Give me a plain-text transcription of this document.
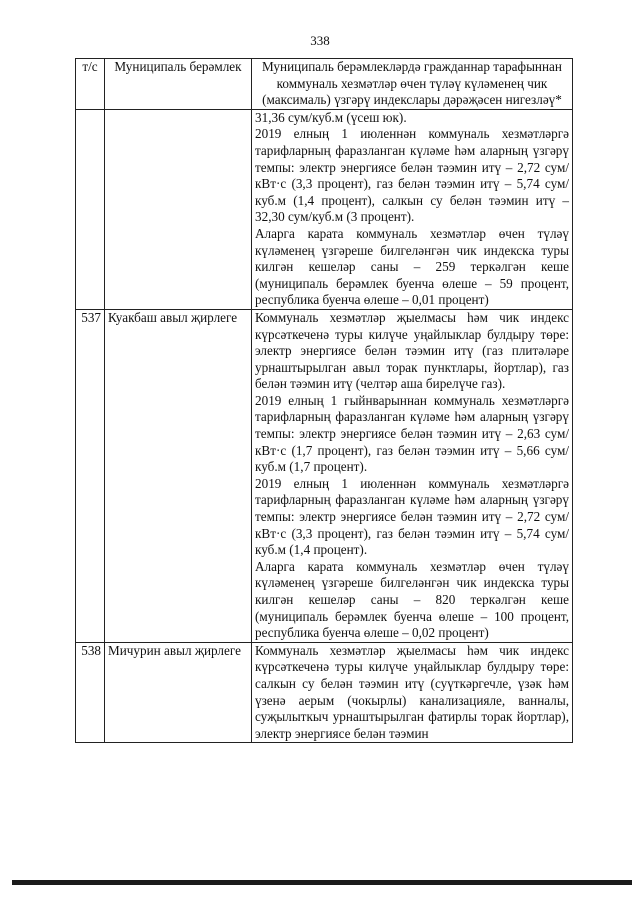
338
т/с	Муниципаль берәмлек	Муниципаль берәмлекләрдә гражданнар тарафыннан коммуналь хезмәтләр өчен түләү күләменең чик (максималь) үзгәрү индекслары дәрәҗәсен нигезләү*

		31,36 сум/куб.м (үсеш юк).
2019 елның 1 июленнән коммуналь хезмәтләргә тарифларның фаразланган күләме һәм аларның үзгәрү темпы: электр энергиясе белән тәэмин итү – 2,72 сум/кВт·с (3,3 процент), газ белән тәэмин итү – 5,74 сум/куб.м (1,4 процент), салкын су белән тәэмин итү – 32,30 сум/куб.м (3 процент).
Аларга карата коммуналь хезмәтләр өчен түләү күләменең үзгәреше билгеләнгән чик индекска туры килгән кешеләр саны – 259 теркәлгән кеше (муниципаль берәмлек буенча өлеше – 59 процент, республика буенча өлеше – 0,01 процент)

537	Куакбаш авыл җирлеге	Коммуналь хезмәтләр җыелмасы һәм чик индекс күрсәткеченә туры килүче уңайлыклар булдыру төре: электр энергиясе белән тәэмин итү (газ плитәләре урнаштырылган авыл торак пунктлары, йортлар), газ белән тәэмин итү (челтәр аша бирелүче газ).
2019 елның 1 гыйнварыннан коммуналь хезмәтләргә тарифларның фаразланган күләме һәм аларның үзгәрү темпы: электр энергиясе белән тәэмин итү – 2,63 сум/кВт·с (1,7 процент), газ белән тәэмин итү – 5,66 сум/куб.м (1,7 процент).
2019 елның 1 июленнән коммуналь хезмәтләргә тарифларның фаразланган күләме һәм аларның үзгәрү темпы: электр энергиясе белән тәэмин итү – 2,72 сум/кВт·с (3,3 процент), газ белән тәэмин итү – 5,74 сум/куб.м (1,4 процент).
Аларга карата коммуналь хезмәтләр өчен түләү күләменең үзгәреше билгеләнгән чик индекска туры килгән кешеләр саны – 820 теркәлгән кеше (муниципаль берәмлек буенча өлеше – 100 процент, республика буенча өлеше – 0,02 процент)

538	Мичурин авыл җирлеге	Коммуналь хезмәтләр җыелмасы һәм чик индекс күрсәткеченә туры килүче уңайлыклар булдыру төре: салкын су белән тәэмин итү (суүткәргечле, үзәк һәм үзенә аерым (чокырлы) канализацияле, ванналы, суҗылыткыч урнаштырылган фатирлы торак йортлар), электр энергиясе белән тәэмин
